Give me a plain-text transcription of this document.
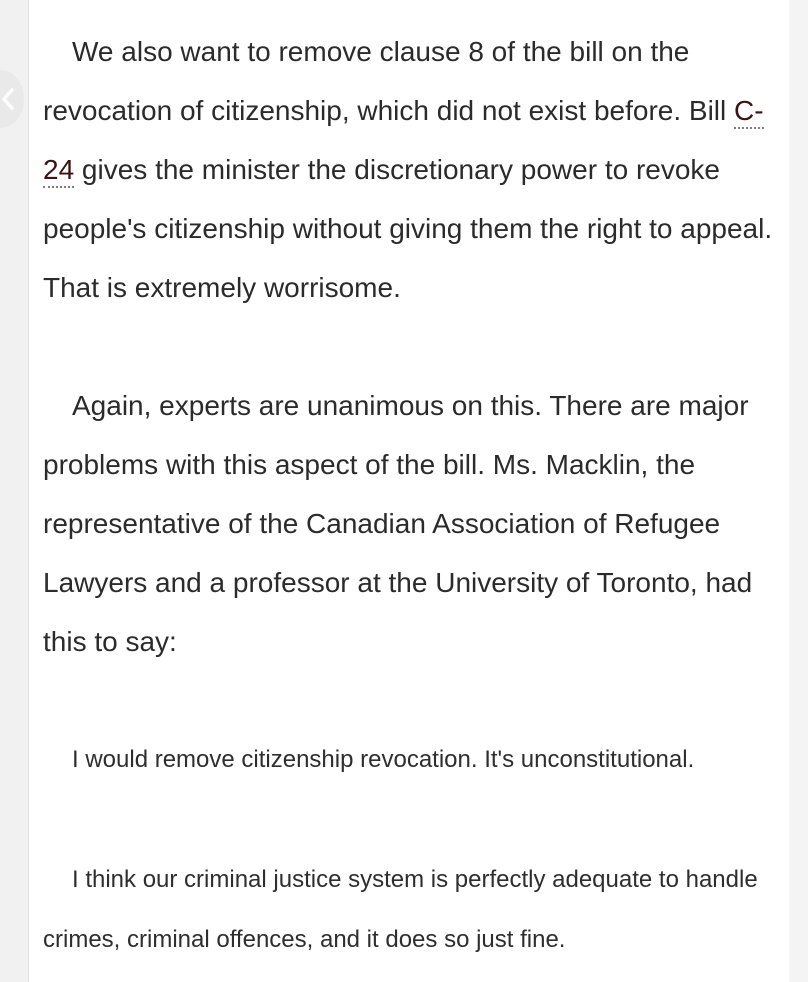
We also want to remove clause 8 of the bill on the revocation of citizenship, which did not exist before. Bill C-24 gives the minister the discretionary power to revoke people's citizenship without giving them the right to appeal. That is extremely worrisome.

Again, experts are unanimous on this. There are major problems with this aspect of the bill. Ms. Macklin, the representative of the Canadian Association of Refugee Lawyers and a professor at the University of Toronto, had this to say:

I would remove citizenship revocation. It's unconstitutional.

I think our criminal justice system is perfectly adequate to handle crimes, criminal offences, and it does so just fine.
